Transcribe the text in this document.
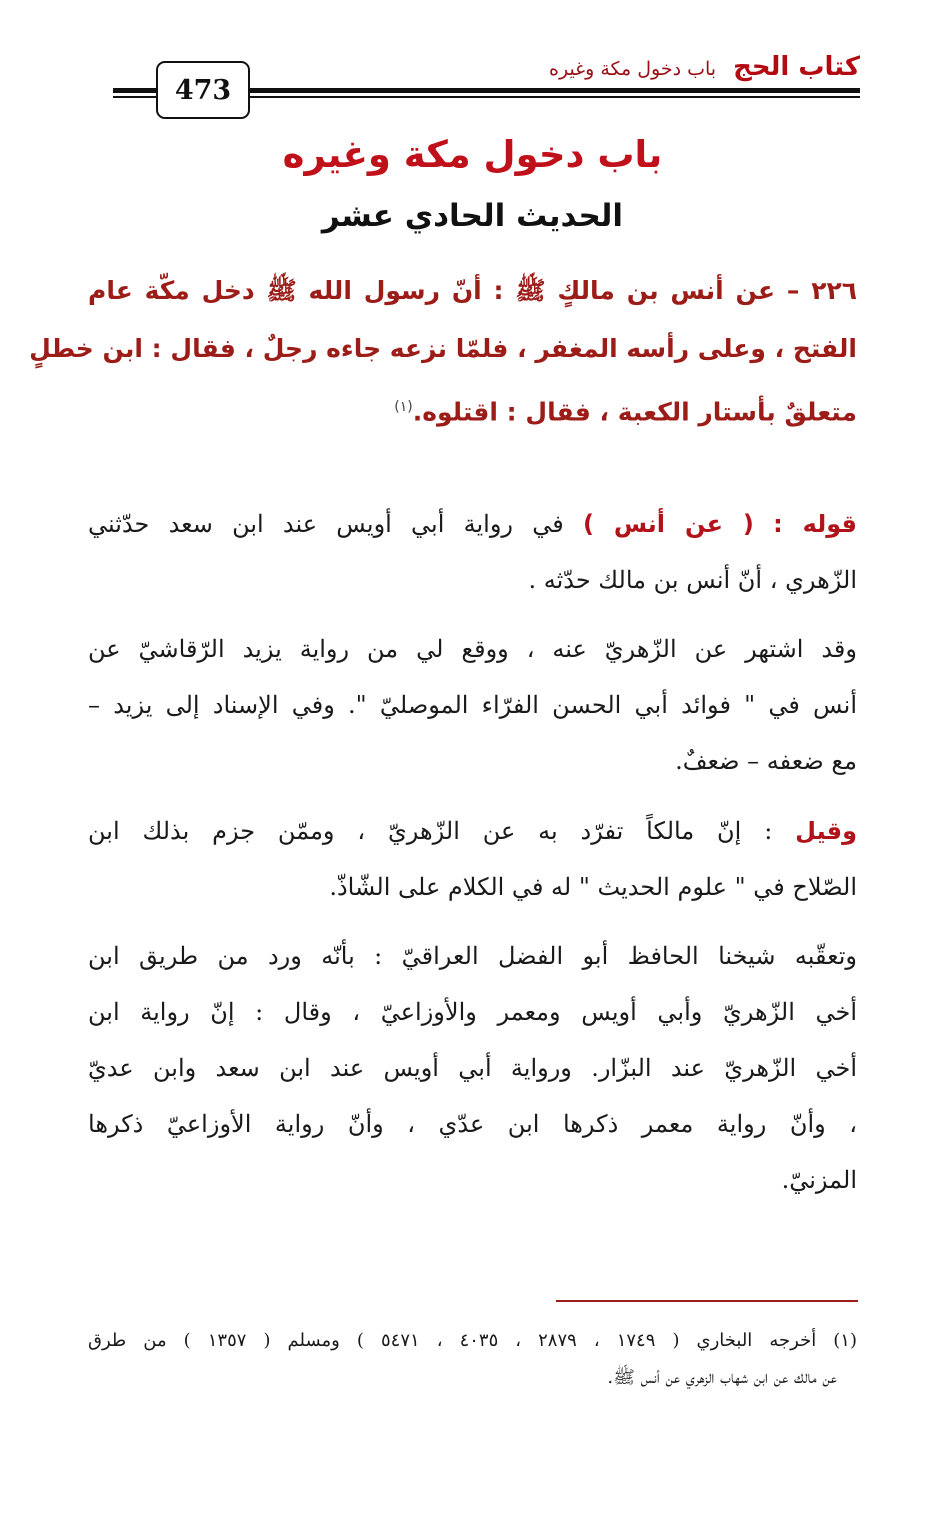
كتاب الحج باب دخول مكة وغيره
473
باب دخول مكة وغيره
الحديث الحادي عشر
٢٢٦ – عن أنس بن مالكٍ ﷺ : أنّ رسول الله ﷺ دخل مكّة عام
الفتح ، وعلى رأسه المغفر ، فلمّا نزعه جاءه رجلٌ ، فقال : ابن خطلٍ
متعلقٌ بأستار الكعبة ، فقال : اقتلوه.$^{(١)}$
قوله : ( عن أنس ) في رواية أبي أويس عند ابن سعد حدّثني
الزّهري ، أنّ أنس بن مالك حدّثه .
وقد اشتهر عن الزّهريّ عنه ، ووقع لي من رواية يزيد الرّقاشيّ عن
أنس في " فوائد أبي الحسن الفرّاء الموصليّ ". وفي الإسناد إلى يزيد –
مع ضعفه – ضعفٌ.
وقيل : إنّ مالكاً تفرّد به عن الزّهريّ ، وممّن جزم بذلك ابن
الصّلاح في " علوم الحديث " له في الكلام على الشّاذّ.
وتعقّبه شيخنا الحافظ أبو الفضل العراقيّ : بأنّه ورد من طريق ابن
أخي الزّهريّ وأبي أويس ومعمر والأوزاعيّ ، وقال : إنّ رواية ابن
أخي الزّهريّ عند البزّار. ورواية أبي أويس عند ابن سعد وابن عديّ
، وأنّ رواية معمر ذكرها ابن عدّي ، وأنّ رواية الأوزاعيّ ذكرها
المزنيّ.
(١) أخرجه البخاري ( ١٧٤٩ ، ٢٨٧٩ ، ٤٠٣٥ ، ٥٤٧١ ) ومسلم ( ١٣٥٧ ) من طرق
عن مالك عن ابن شهاب الزهري عن أنس ﷺ.
